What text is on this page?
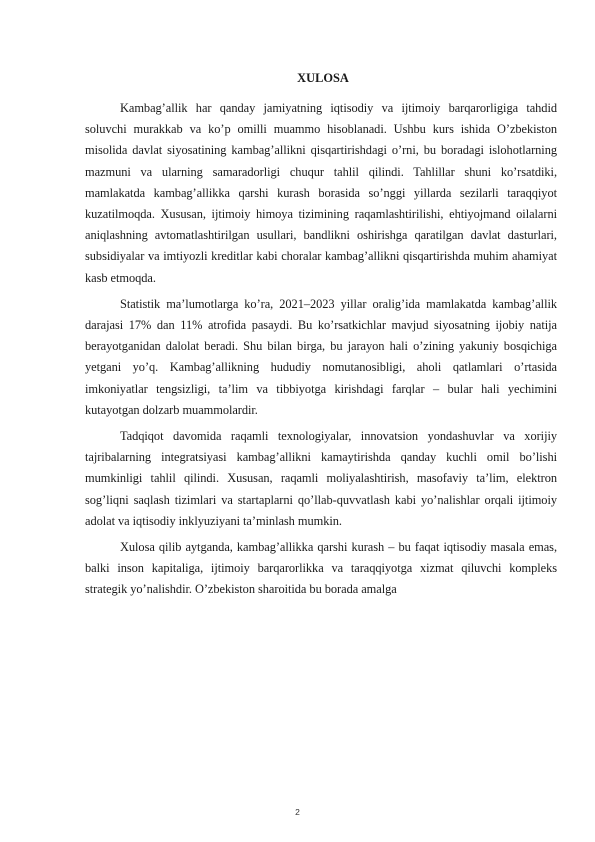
XULOSA

Kambag’allik har qanday jamiyatning iqtisodiy va ijtimoiy barqarorligiga tahdid soluvchi murakkab va ko’p omilli muammo hisoblanadi. Ushbu kurs ishida O’zbekiston misolida davlat siyosatining kambag’allikni qisqartirishdagi o’rni, bu boradagi islohotlarning mazmuni va ularning samaradorligi chuqur tahlil qilindi. Tahlillar shuni ko’rsatdiki, mamlakatda kambag’allikka qarshi kurash borasida so’nggi yillarda sezilarli taraqqiyot kuzatilmoqda. Xususan, ijtimoiy himoya tizimining raqamlashtirilishi, ehtiyojmand oilalarni aniqlashning avtomatlashtirilgan usullari, bandlikni oshirishga qaratilgan davlat dasturlari, subsidiyalar va imtiyozli kreditlar kabi choralar kambag’allikni qisqartirishda muhim ahamiyat kasb etmoqda.

Statistik ma’lumotlarga ko’ra, 2021–2023 yillar oralig’ida mamlakatda kambag’allik darajasi 17% dan 11% atrofida pasaydi. Bu ko’rsatkichlar mavjud siyosatning ijobiy natija berayotganidan dalolat beradi. Shu bilan birga, bu jarayon hali o’zining yakuniy bosqichiga yetgani yo’q. Kambag’allikning hududiy nomutanosibligi, aholi qatlamlari o’rtasida imkoniyatlar tengsizligi, ta’lim va tibbiyotga kirishdagi farqlar – bular hali yechimini kutayotgan dolzarb muammolardir.

Tadqiqot davomida raqamli texnologiyalar, innovatsion yondashuvlar va xorijiy tajribalarning integratsiyasi kambag’allikni kamaytirishda qanday kuchli omil bo’lishi mumkinligi tahlil qilindi. Xususan, raqamli moliyalashtirish, masofaviy ta’lim, elektron sog’liqni saqlash tizimlari va startaplarni qo’llab-quvvatlash kabi yo’nalishlar orqali ijtimoiy adolat va iqtisodiy inklyuziyani ta’minlash mumkin.

Xulosa qilib aytganda, kambag’allikka qarshi kurash – bu faqat iqtisodiy masala emas, balki inson kapitaliga, ijtimoiy barqarorlikka va taraqqiyotga xizmat qiluvchi kompleks strategik yo’nalishdir. O’zbekiston sharoitida bu borada amalga

2
